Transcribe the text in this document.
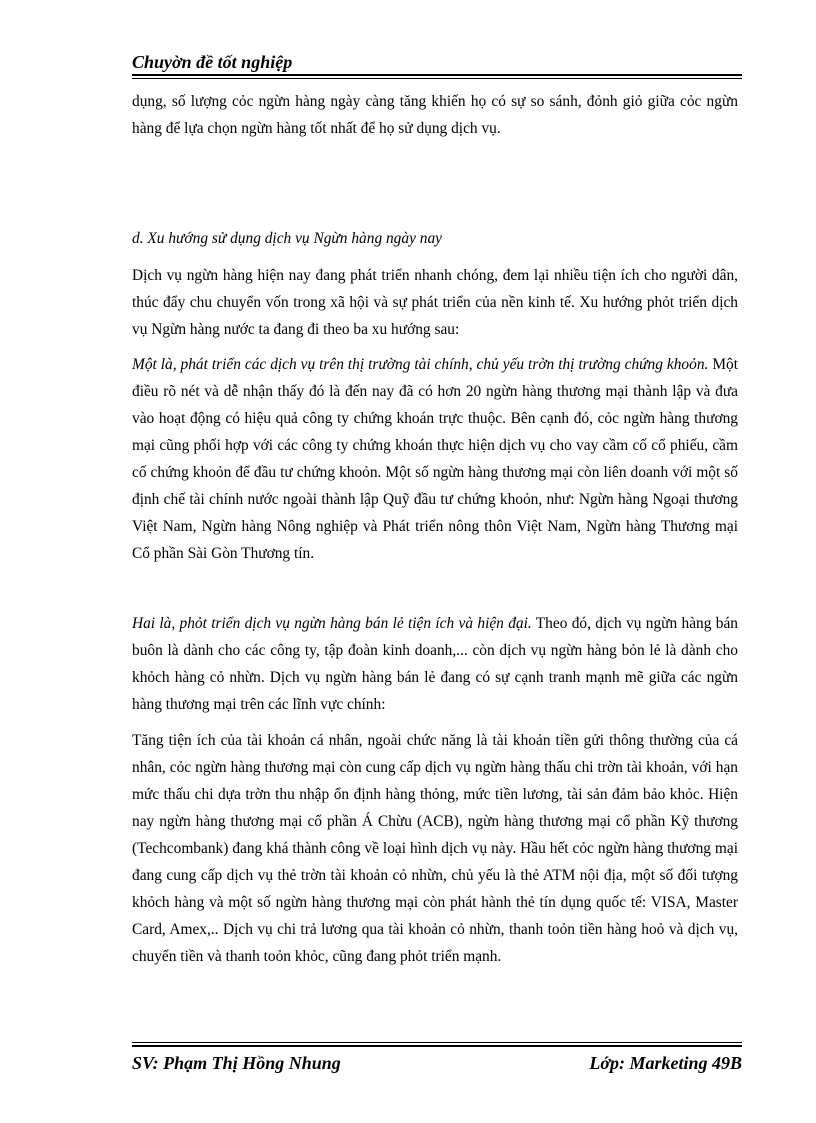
Chuyờn đề tốt nghiệp

dụng, số lượng cỏc ngừn hàng ngày càng tăng khiến họ có sự so sánh, đỏnh giỏ giữa cỏc ngừn hàng để lựa chọn ngừn hàng tốt nhất để họ sử dụng dịch vụ.

d. Xu hướng sử dụng dịch vụ Ngừn hàng ngày nay

Dịch vụ ngừn hàng hiện nay đang phát triển nhanh chóng, đem lại nhiều tiện ích cho người dân, thúc đẩy chu chuyển vốn trong xã hội và sự phát triển của nền kinh tế. Xu hướng phỏt triển dịch vụ Ngừn hàng nước ta đang đi theo ba xu hướng sau:

Một là, phát triển các dịch vụ trên thị trường tài chính, chủ yếu trờn thị trường chứng khoỏn. Một điều rõ nét và dễ nhận thấy đó là đến nay đã có hơn 20 ngừn hàng thương mại thành lập và đưa vào hoạt động có hiệu quả công ty chứng khoán trực thuộc. Bên cạnh đó, cỏc ngừn hàng thương mại cũng phối hợp với các công ty chứng khoán thực hiện dịch vụ cho vay cầm cố cổ phiếu, cầm cố chứng khoỏn để đầu tư chứng khoỏn. Một số ngừn hàng thương mại còn liên doanh với một số định chế tài chính nước ngoài thành lập Quỹ đầu tư chứng khoỏn, như: Ngừn hàng Ngoại thương Việt Nam, Ngừn hàng Nông nghiệp và Phát triển nông thôn Việt Nam, Ngừn hàng Thương mại Cổ phần Sài Gòn Thương tín.

Hai là, phỏt triển dịch vụ ngừn hàng bán lẻ tiện ích và hiện đại. Theo đó, dịch vụ ngừn hàng bán buôn là dành cho các công ty, tập đoàn kinh doanh,... còn dịch vụ ngừn hàng bỏn lẻ là dành cho khỏch hàng cỏ nhừn. Dịch vụ ngừn hàng bán lẻ đang có sự cạnh tranh mạnh mẽ giữa các ngừn hàng thương mại trên các lĩnh vực chính:

Tăng tiện ích của tài khoản cá nhân, ngoài chức năng là tài khoản tiền gửi thông thường của cá nhân, cỏc ngừn hàng thương mại còn cung cấp dịch vụ ngừn hàng thấu chi trờn tài khoản, với hạn mức thấu chi dựa trờn thu nhập ổn định hàng thỏng, mức tiền lương, tài sản đảm bảo khỏc. Hiện nay ngừn hàng thương mại cổ phần Á Chừu (ACB), ngừn hàng thương mại cổ phần Kỹ thương (Techcombank) đang khá thành công về loại hình dịch vụ này. Hầu hết cỏc ngừn hàng thương mại đang cung cấp dịch vụ thẻ trờn tài khoản cỏ nhừn, chủ yếu là thẻ ATM nội địa, một số đối tượng khỏch hàng và một số ngừn hàng thương mại còn phát hành thẻ tín dụng quốc tế: VISA, Master Card, Amex,.. Dịch vụ chi trả lương qua tài khoản cỏ nhừn, thanh toỏn tiền hàng hoỏ và dịch vụ, chuyển tiền và thanh toỏn khỏc, cũng đang phỏt triển mạnh.

SV: Phạm Thị Hồng Nhung	Lớp: Marketing 49B
